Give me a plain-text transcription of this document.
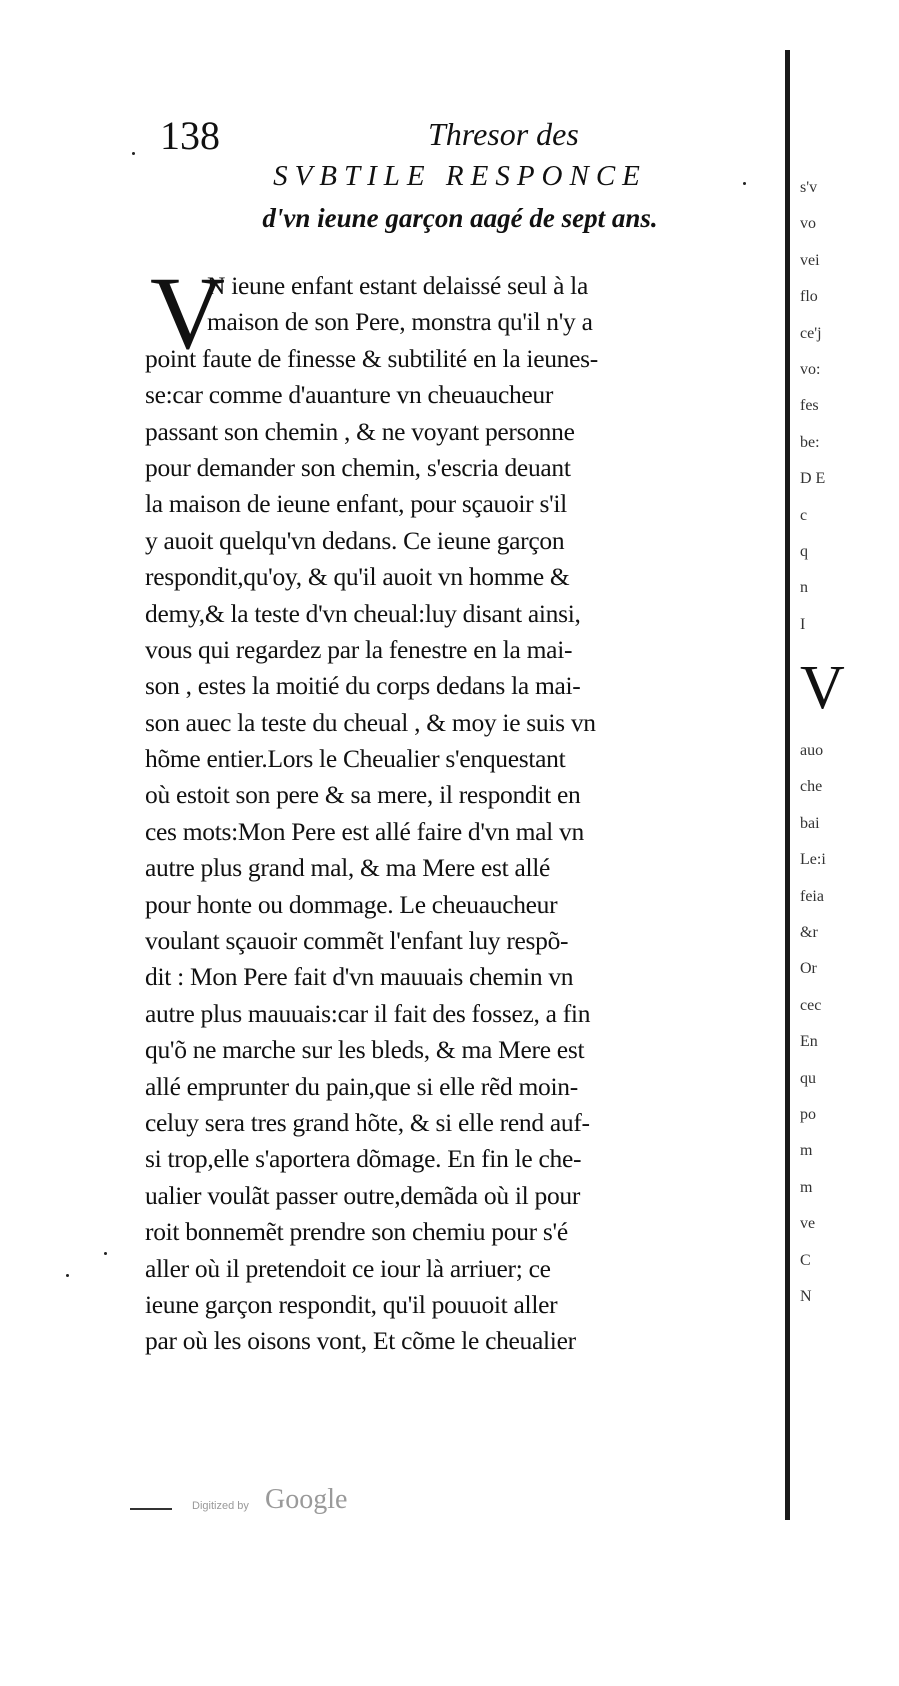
138	Thresor des
SVBTILE RESPONCE
d'vn ieune garçon aagé de sept ans.
V
N ieune enfant estant delaissé seul à la
maison de son Pere, monstra qu'il n'y a
point faute de finesse & subtilité en la ieunes-
se:car comme d'auanture vn cheuaucheur
passant son chemin , & ne voyant personne
pour demander son chemin, s'escria deuant
la maison de ieune enfant, pour sçauoir s'il
y auoit quelqu'vn dedans. Ce ieune garçon
respondit,qu'oy, & qu'il auoit vn homme &
demy,& la teste d'vn cheual:luy disant ainsi,
vous qui regardez par la fenestre en la mai-
son , estes la moitié du corps dedans la mai-
son auec la teste du cheual , & moy ie suis vn
hõme entier.Lors le Cheualier s'enquestant
où estoit son pere & sa mere, il respondit en
ces mots:Mon Pere est allé faire d'vn mal vn
autre plus grand mal, & ma Mere est allé
pour honte ou dommage. Le cheuaucheur
voulant sçauoir commẽt l'enfant luy respõ-
dit : Mon Pere fait d'vn mauuais chemin vn
autre plus mauuais:car il fait des fossez, a fin
qu'õ ne marche sur les bleds, & ma Mere est
allé emprunter du pain,que si elle rẽd moin-
celuy sera tres grand hõte, & si elle rend auf-
si trop,elle s'aportera dõmage. En fin le che-
ualier voulãt passer outre,demãda où il pour
roit bonnemẽt prendre son chemiu pour s'é
aller où il pretendoit ce iour là arriuer; ce
ieune garçon respondit, qu'il pouuoit aller
par où les oisons vont, Et cõme le cheualier
s'v
vo
vei
flo
ce'j
vo:
fes
be:
D E
c
q
n
I
V
auo
che
bai
Le:i
feia
&r
Or
cec
En
qu
po
m
m
ve
C
N
Digitized by Google
